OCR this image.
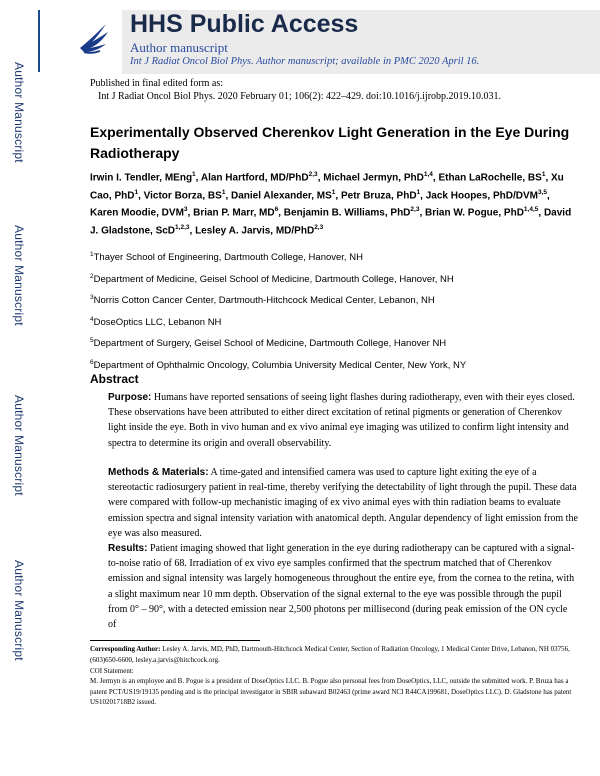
Author Manuscript
Author Manuscript
Author Manuscript
Author Manuscript
HHS Public Access
Author manuscript
Int J Radiat Oncol Biol Phys. Author manuscript; available in PMC 2020 April 16.
Published in final edited form as:
Int J Radiat Oncol Biol Phys. 2020 February 01; 106(2): 422–429. doi:10.1016/j.ijrobp.2019.10.031.
Experimentally Observed Cherenkov Light Generation in the Eye During Radiotherapy
Irwin I. Tendler, MEng$^1$, Alan Hartford, MD/PhD$^{2,3}$, Michael Jermyn, PhD$^{1,4}$, Ethan LaRochelle, $BS^1$, Xu Cao, PhD$^1$, Victor Borza, $BS^1$, Daniel Alexander, $MS^1$, Petr Bruza, PhD$^1$, Jack Hoopes, PhD/DVM$^{3,5}$, Karen Moodie, DVM$^3$, Brian P. Marr, $MD^6$, Benjamin B. Williams, PhD$^{2,3}$, Brian W. Pogue, PhD$^{1,4,5}$, David J. Gladstone, ScD$^{1,2,3}$, Lesley A. Jarvis, MD/PhD$^{2,3}$
$^1$Thayer School of Engineering, Dartmouth College, Hanover, NH
$^2$Department of Medicine, Geisel School of Medicine, Dartmouth College, Hanover, NH
$^3$Norris Cotton Cancer Center, Dartmouth-Hitchcock Medical Center, Lebanon, NH
$^4$DoseOptics LLC, Lebanon NH
$^5$Department of Surgery, Geisel School of Medicine, Dartmouth College, Hanover NH
$^6$Department of Ophthalmic Oncology, Columbia University Medical Center, New York, NY
Abstract
Purpose: Humans have reported sensations of seeing light flashes during radiotherapy, even with their eyes closed. These observations have been attributed to either direct excitation of retinal pigments or generation of Cherenkov light inside the eye. Both in vivo human and ex vivo animal eye imaging was utilized to confirm light intensity and spectra to determine its origin and overall observability.
Methods & Materials: A time-gated and intensified camera was used to capture light exiting the eye of a stereotactic radiosurgery patient in real-time, thereby verifying the detectability of light through the pupil. These data were compared with follow-up mechanistic imaging of ex vivo animal eyes with thin radiation beams to evaluate emission spectra and signal intensity variation with anatomical depth. Angular dependency of light emission from the eye was also measured.
Results: Patient imaging showed that light generation in the eye during radiotherapy can be captured with a signal-to-noise ratio of 68. Irradiation of ex vivo eye samples confirmed that the spectrum matched that of Cherenkov emission and signal intensity was largely homogeneous throughout the entire eye, from the cornea to the retina, with a slight maximum near 10 mm depth. Observation of the signal external to the eye was possible through the pupil from 0° – 90°, with a detected emission near 2,500 photons per millisecond (during peak emission of the ON cycle of
Corresponding Author: Lesley A. Jarvis, MD, PhD, Dartmouth-Hitchcock Medical Center, Section of Radiation Oncology, 1 Medical Center Drive, Lebanon, NH 03756, (603)650-6600, lesley.a.jarvis@hitchcock.org.
COI Statement:
M. Jermyn is an employee and B. Pogue is a president of DoseOptics LLC. B. Pogue also personal fees from DoseOptics, LLC, outside the submitted work. P. Bruza has a patent PCT/US19/19135 pending and is the principal investigator in SBIR subaward B02463 (prime award NCI R44CA199681, DoseOptics LLC). D. Gladstone has patent US10201718B2 issued.
